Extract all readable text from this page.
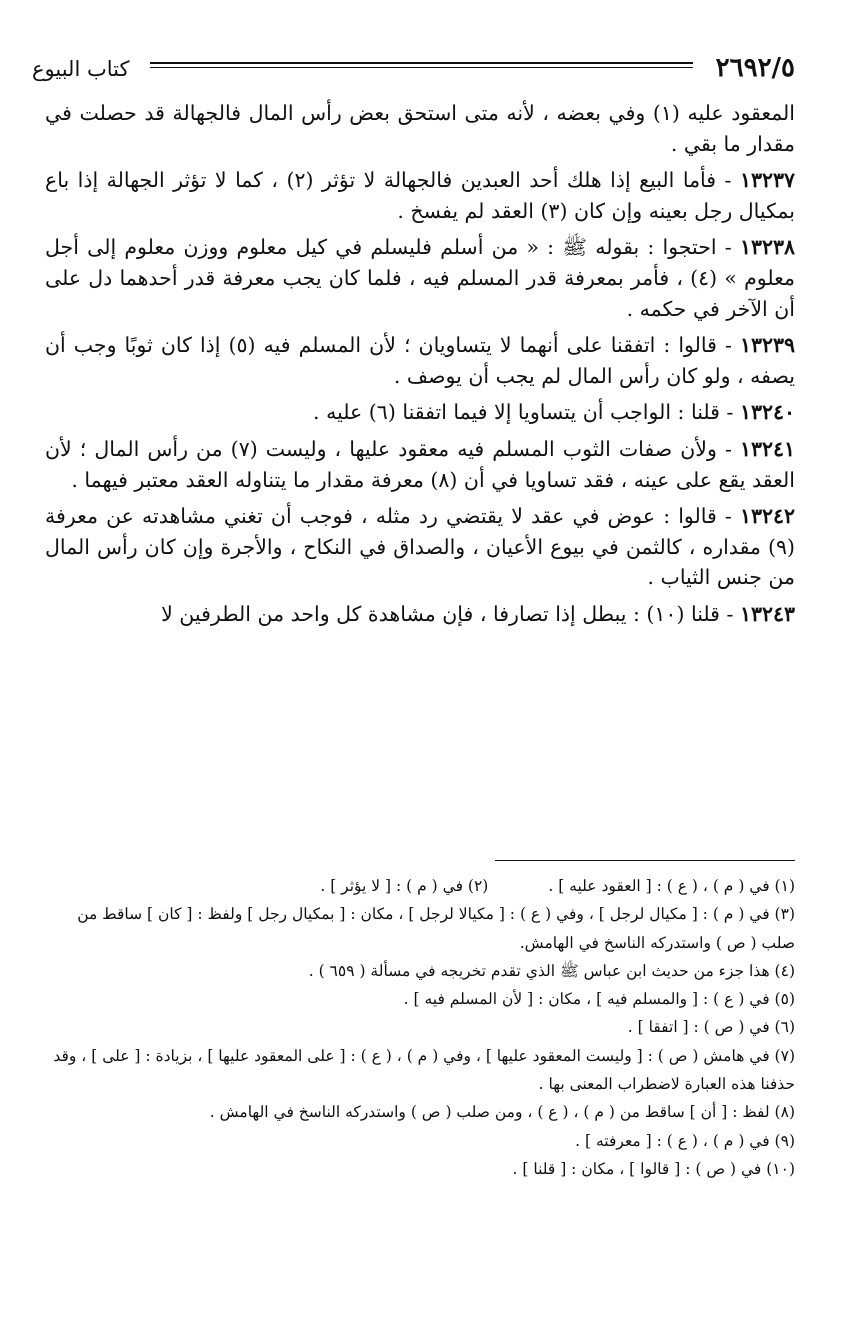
٢٦٩٢/٥
كتاب البيوع

المعقود عليه (١) وفي بعضه ، لأنه متى استحق بعض رأس المال فالجهالة قد حصلت في مقدار ما بقي .

١٣٢٣٧ - فأما البيع إذا هلك أحد العبدين فالجهالة لا تؤثر (٢) ، كما لا تؤثر الجهالة إذا باع بمكيال رجل بعينه وإن كان (٣) العقد لم يفسخ .

١٣٢٣٨ - احتجوا : بقوله ﷺ : « من أسلم فليسلم في كيل معلوم ووزن معلوم إلى أجل معلوم » (٤) ، فأمر بمعرفة قدر المسلم فيه ، فلما كان يجب معرفة قدر أحدهما دل على أن الآخر في حكمه .

١٣٢٣٩ - قالوا : اتفقنا على أنهما لا يتساويان ؛ لأن المسلم فيه (٥) إذا كان ثوبًا وجب أن يصفه ، ولو كان رأس المال لم يجب أن يوصف .

١٣٢٤٠ - قلنا : الواجب أن يتساويا إلا فيما اتفقنا (٦) عليه .

١٣٢٤١ - ولأن صفات الثوب المسلم فيه معقود عليها ، وليست (٧) من رأس المال ؛ لأن العقد يقع على عينه ، فقد تساويا في أن (٨) معرفة مقدار ما يتناوله العقد معتبر فيهما .

١٣٢٤٢ - قالوا : عوض في عقد لا يقتضي رد مثله ، فوجب أن تغني مشاهدته عن معرفة (٩) مقداره ، كالثمن في بيوع الأعيان ، والصداق في النكاح ، والأجرة وإن كان رأس المال من جنس الثياب .

١٣٢٤٣ - قلنا (١٠) : يبطل إذا تصارفا ، فإن مشاهدة كل واحد من الطرفين لا

(١) في ( م ) ، ( ع ) : [ العقود عليه ] .
(٢) في ( م ) : [ لا يؤثر ] .
(٣) في ( م ) : [ مكيال لرجل ] ، وفي ( ع ) : [ مكيالا لرجل ] ، مكان : [ بمكيال رجل ] ولفظ : [ كان ] ساقط من صلب ( ص ) واستدركه الناسخ في الهامش.
(٤) هذا جزء من حديث ابن عباس ﷺ الذي تقدم تخريجه في مسألة ( ٦٥٩ ) .
(٥) في ( ع ) : [ والمسلم فيه ] ، مكان : [ لأن المسلم فيه ] .
(٦) في ( ص ) : [ اتفقا ] .
(٧) في هامش ( ص ) : [ وليست المعقود عليها ] ، وفي ( م ) ، ( ع ) : [ على المعقود عليها ] ، بزيادة : [ على ] ، وقد حذفنا هذه العبارة لاضطراب المعنى بها .
(٨) لفظ : [ أن ] ساقط من ( م ) ، ( ع ) ، ومن صلب ( ص ) واستدركه الناسخ في الهامش .
(٩) في ( م ) ، ( ع ) : [ معرفته ] .
(١٠) في ( ص ) : [ قالوا ] ، مكان : [ قلنا ] .
